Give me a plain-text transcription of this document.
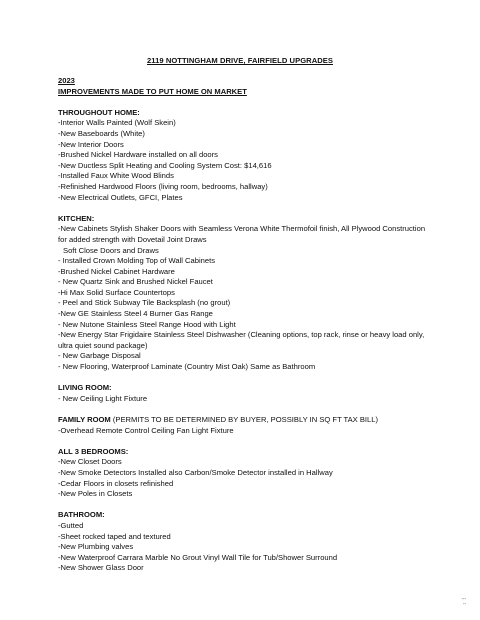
2119 NOTTINGHAM DRIVE, FAIRFIELD UPGRADES
2023
IMPROVEMENTS MADE TO PUT HOME ON MARKET
THROUGHOUT HOME:
-Interior Walls Painted (Wolf Skein)
-New Baseboards (White)
-New Interior Doors
-Brushed Nickel Hardware installed on all doors
-New Ductless Split Heating and Cooling System Cost: $14,616
-Installed Faux White Wood Blinds
-Refinished Hardwood Floors (living room, bedrooms, hallway)
-New Electrical Outlets, GFCI, Plates
KITCHEN:
-New Cabinets Stylish Shaker Doors with Seamless Verona White Thermofoil finish, All Plywood Construction for added strength with Dovetail Joint Draws
Soft Close Doors and Draws
- Installed Crown Molding Top of Wall Cabinets
-Brushed Nickel Cabinet Hardware
- New Quartz Sink and Brushed Nickel Faucet
-Hi Max Solid Surface Countertops
- Peel and Stick Subway Tile Backsplash (no grout)
-New GE Stainless Steel 4 Burner Gas Range
- New Nutone Stainless Steel Range Hood with Light
-New Energy Star Frigidaire Stainless Steel Dishwasher (Cleaning options, top rack, rinse or heavy load only, ultra quiet sound package)
- New Garbage Disposal
- New Flooring, Waterproof Laminate (Country Mist Oak) Same as Bathroom
LIVING ROOM:
- New Ceiling Light Fixture
FAMILY ROOM (PERMITS TO BE DETERMINED BY BUYER, POSSIBLY IN SQ FT TAX BILL)
-Overhead Remote Control Ceiling Fan Light Fixture
ALL 3 BEDROOMS:
-New Closet Doors
-New Smoke Detectors Installed also Carbon/Smoke Detector installed in Hallway
-Cedar Floors in closets refinished
-New Poles in Closets
BATHROOM:
-Gutted
-Sheet rocked taped and textured
-New Plumbing valves
-New Waterproof Carrara Marble No Grout Vinyl Wall Tile for Tub/Shower Surround
-New Shower Glass Door
▪▪▪
▪▪
